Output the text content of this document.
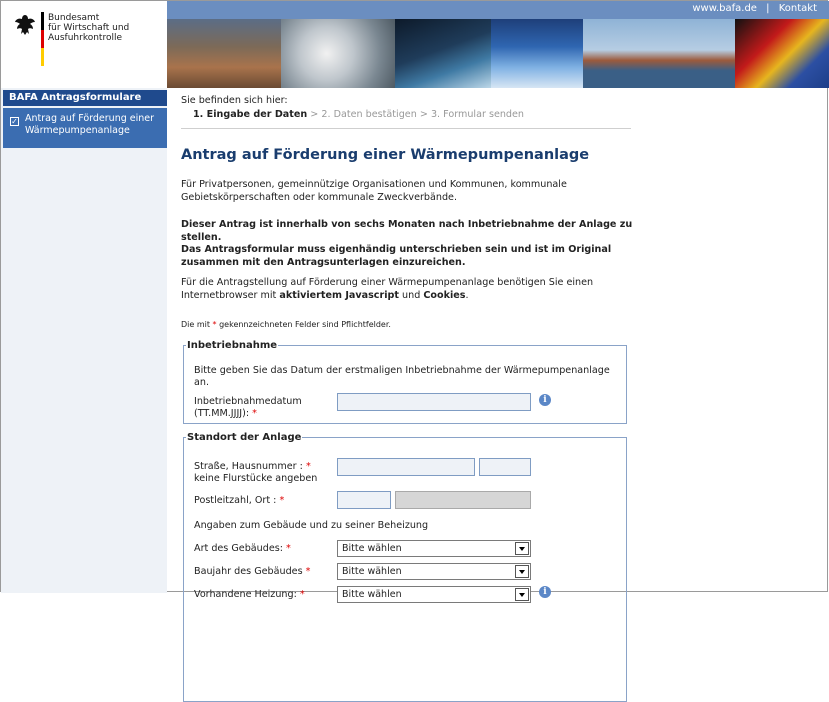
Bundesamt
für Wirtschaft und
Ausfuhrkontrolle
www.bafa.de | Kontakt
BAFA Antragsformulare
✓ Antrag auf Förderung einer Wärmepumpenanlage
Sie befinden sich hier:
1. Eingabe der Daten > 2. Daten bestätigen > 3. Formular senden
Antrag auf Förderung einer Wärmepumpenanlage
Für Privatpersonen, gemeinnützige Organisationen und Kommunen, kommunale Gebietskörperschaften oder kommunale Zweckverbände.
Dieser Antrag ist innerhalb von sechs Monaten nach Inbetriebnahme der Anlage zu stellen.
Das Antragsformular muss eigenhändig unterschrieben sein und ist im Original zusammen mit den Antragsunterlagen einzureichen.
Für die Antragstellung auf Förderung einer Wärmepumpenanlage benötigen Sie einen Internetbrowser mit aktiviertem Javascript und Cookies.
Die mit * gekennzeichneten Felder sind Pflichtfelder.
Inbetriebnahme
Bitte geben Sie das Datum der erstmaligen Inbetriebnahme der Wärmepumpenanlage an.
Inbetriebnahmedatum
(TT.MM.JJJJ): *
i
Standort der Anlage
Straße, Hausnummer : *
keine Flurstücke angeben
Postleitzahl, Ort : *
Angaben zum Gebäude und zu seiner Beheizung
Art des Gebäudes: *	Bitte wählen
Baujahr des Gebäudes *	Bitte wählen
Vorhandene Heizung: *	Bitte wählen	i
